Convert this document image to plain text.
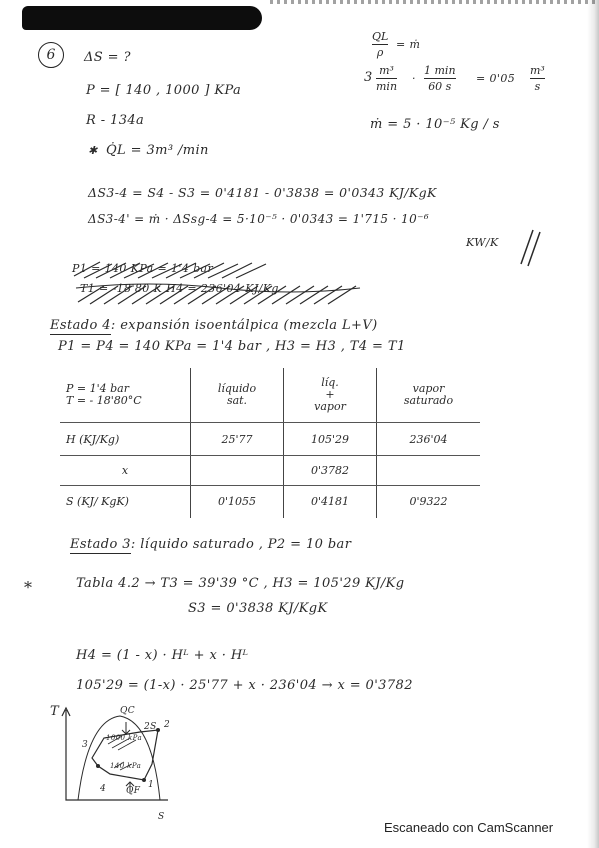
6 ΔS = ?
P = [ 140 , 1000 ] KPa
R - 134a
Q̇L = 3m³ /min
✱
QL
ρ
= ṁ
3 m³
min
·
1 min
60 s
= 0'05
m³
s
ṁ = 5 · 10⁻⁵ Kg / s
ΔS3-4 = S4 - S3 = 0'4181 - 0'3838 = 0'0343 KJ/KgK
ΔS3-4' = ṁ · ΔSsg-4 = 5·10⁻⁵ · 0'0343 = 1'715 · 10⁻⁶
KW/K
P1 = 140 KPa = 1'4 bar
T1 = -18'80 K H4 = 236'04 KJ/Kg
Estado 4: expansión isoentálpica (mezcla L+V)
P1 = P4 = 140 KPa = 1'4 bar , H3 = H3 , T4 = T1
P = 1'4 bar
T = - 18'80°C	líquido
sat.	líq.
+
vapor	vapor
saturado

H (KJ/Kg)	25'77	105'29	236'04
x		0'3782	
S (KJ/ KgK)	0'1055	0'4181	0'9322
Estado 3: líquido saturado , P2 = 10 bar
Tabla 4.2 → T3 = 39'39 °C , H3 = 105'29 KJ/Kg
S3 = 0'3838 KJ/KgK
*
H4 = (1 - x) · Hᴸ + x · Hᴸ
105'29 = (1-x) · 25'77 + x · 236'04 → x = 0'3782
T
S
QC
QF
1000 kPa
140 kPa
2
2S
3
4	1
Escaneado con CamScanner
